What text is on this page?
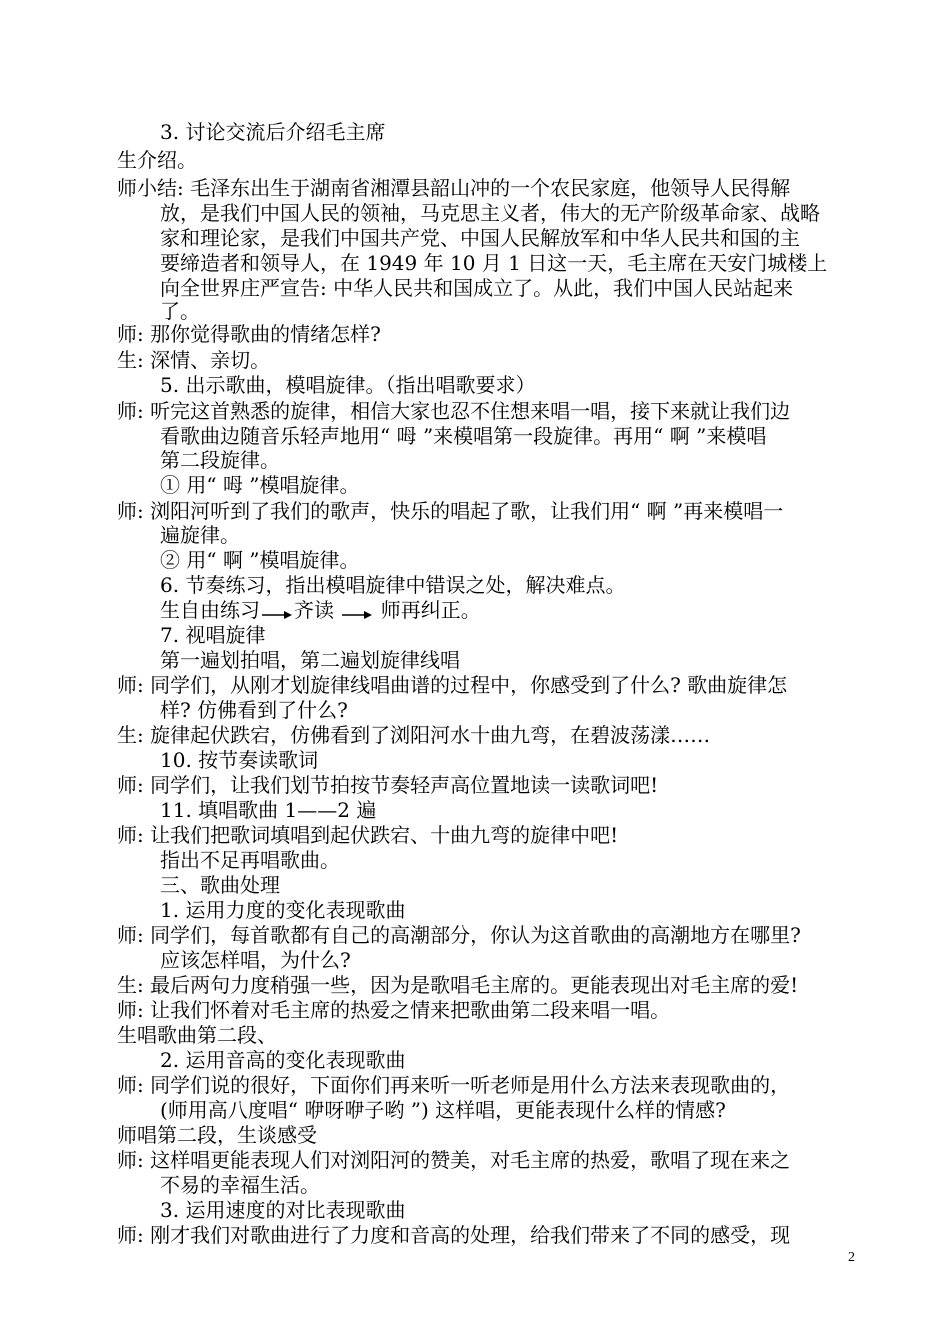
3. 讨论交流后介绍毛主席
生介绍。
师小结: 毛泽东出生于湖南省湘潭县韶山冲的一个农民家庭，他领导人民得解
放，是我们中国人民的领袖，马克思主义者，伟大的无产阶级革命家、战略
家和理论家，是我们中国共产党、中国人民解放军和中华人民共和国的主
要缔造者和领导人，在 1949 年 10 月 1 日这一天，毛主席在天安门城楼上
向全世界庄严宣告: 中华人民共和国成立了。从此，我们中国人民站起来
了。
师: 那你觉得歌曲的情绪怎样?
生: 深情、亲切。
5. 出示歌曲，模唱旋律。（指出唱歌要求）
师: 听完这首熟悉的旋律，相信大家也忍不住想来唱一唱，接下来就让我们边
看歌曲边随音乐轻声地用“ 呣 ”来模唱第一段旋律。再用“ 啊 ”来模唱
第二段旋律。
① 用“ 呣 ”模唱旋律。
师: 浏阳河听到了我们的歌声，快乐的唱起了歌，让我们用“ 啊 ”再来模唱一
遍旋律。
② 用“ 啊 ”模唱旋律。
6. 节奏练习，指出模唱旋律中错误之处，解决难点。
生自由练习 齐读 师再纠正。
7. 视唱旋律
第一遍划拍唱，第二遍划旋律线唱
师: 同学们，从刚才划旋律线唱曲谱的过程中，你感受到了什么? 歌曲旋律怎
样? 仿佛看到了什么?
生: 旋律起伏跌宕，仿佛看到了浏阳河水十曲九弯，在碧波荡漾……
10. 按节奏读歌词
师: 同学们，让我们划节拍按节奏轻声高位置地读一读歌词吧!
11. 填唱歌曲 1——2 遍
师: 让我们把歌词填唱到起伏跌宕、十曲九弯的旋律中吧!
指出不足再唱歌曲。
三、歌曲处理
1. 运用力度的变化表现歌曲
师: 同学们，每首歌都有自己的高潮部分，你认为这首歌曲的高潮地方在哪里?
应该怎样唱，为什么?
生: 最后两句力度稍强一些，因为是歌唱毛主席的。更能表现出对毛主席的爱!
师: 让我们怀着对毛主席的热爱之情来把歌曲第二段来唱一唱。
生唱歌曲第二段、
2. 运用音高的变化表现歌曲
师: 同学们说的很好，下面你们再来听一听老师是用什么方法来表现歌曲的，
(师用高八度唱“ 咿呀咿子哟 ”) 这样唱，更能表现什么样的情感?
师唱第二段，生谈感受
师: 这样唱更能表现人们对浏阳河的赞美，对毛主席的热爱，歌唱了现在来之
不易的幸福生活。
3. 运用速度的对比表现歌曲
师: 刚才我们对歌曲进行了力度和音高的处理，给我们带来了不同的感受，现
2
